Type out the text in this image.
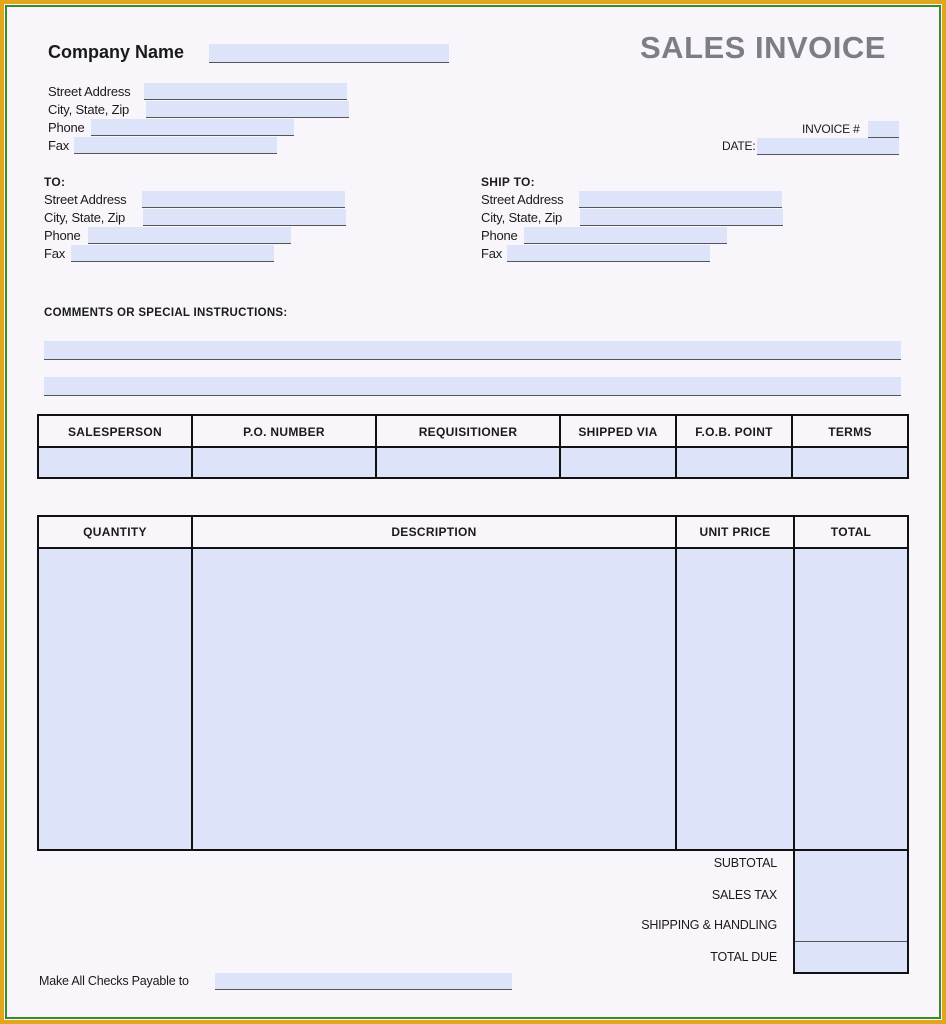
Company Name	SALES INVOICE
Street Address
City, State, Zip
Phone
Fax
INVOICE #
DATE:
TO:
Street Address
City, State, Zip
Phone
Fax
SHIP TO:
Street Address
City, State, Zip
Phone
Fax
COMMENTS OR SPECIAL INSTRUCTIONS:
SALESPERSON	P.O. NUMBER	REQUISITIONER	SHIPPED VIA	F.O.B. POINT	TERMS
QUANTITY	DESCRIPTION	UNIT PRICE	TOTAL
SUBTOTAL
SALES TAX
SHIPPING & HANDLING
TOTAL DUE
Make All Checks Payable to
